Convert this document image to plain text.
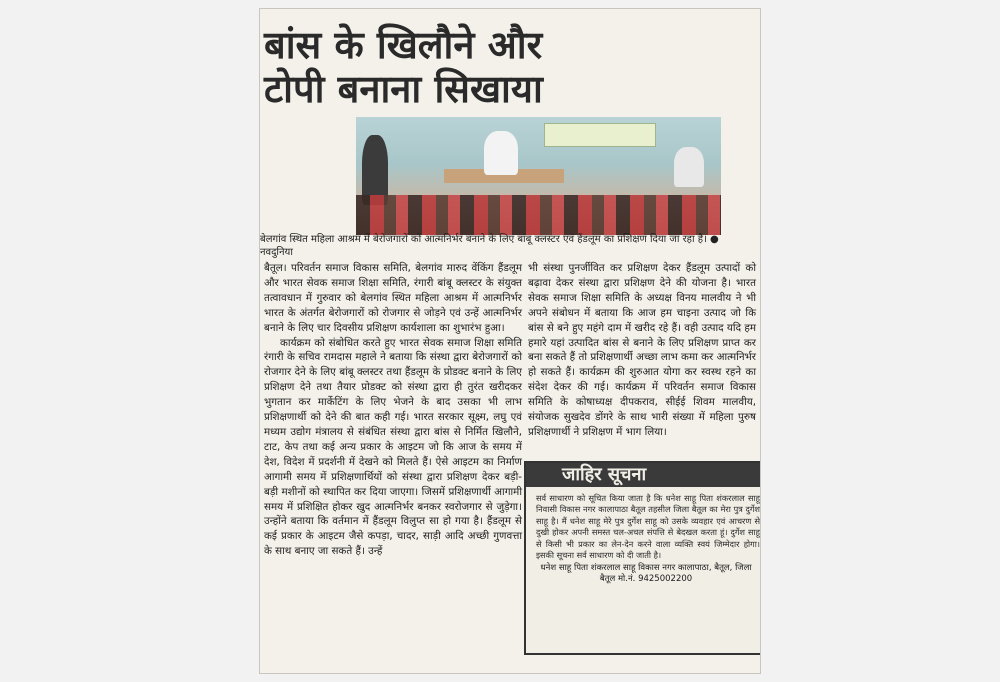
बांस के खिलौने और
टोपी बनाना सिखाया
बेलगांव स्थित महिला आश्रम में बेरोजगारों को आत्मनिर्भर बनाने के लिए बांबू क्लस्टर एवं हैंडलूम का प्रशिक्षण दिया जा रहा है। ● नवदुनिया

बैतूल। परिवर्तन समाज विकास समिति, बेलगांव मारुद वेंकिंग हैंडलूम और भारत सेवक समाज शिक्षा समिति, रंगारी बांबू क्लस्टर के संयुक्त तत्वावधान में गुरुवार को बेलगांव स्थित महिला आश्रम में आत्मनिर्भर भारत के अंतर्गत बेरोजगारों को रोजगार से जोड़ने एवं उन्हें आत्मनिर्भर बनाने के लिए चार दिवसीय प्रशिक्षण कार्यशाला का शुभारंभ हुआ।

कार्यक्रम को संबोधित करते हुए भारत सेवक समाज शिक्षा समिति रंगारी के सचिव रामदास महाले ने बताया कि संस्था द्वारा बेरोजगारों को रोजगार देने के लिए बांबू क्लस्टर तथा हैंडलूम के प्रोडक्ट बनाने के लिए प्रशिक्षण देने तथा तैयार प्रोडक्ट को संस्था द्वारा ही तुरंत खरीदकर भुगतान कर मार्केटिंग के लिए भेजने के बाद उसका भी लाभ प्रशिक्षणार्थी को देने की बात कही गई। भारत सरकार सूक्ष्म, लघु एवं मध्यम उद्योग मंत्रालय से संबंधित संस्था द्वारा बांस से निर्मित खिलौने, टाट, केप तथा कई अन्य प्रकार के आइटम जो कि आज के समय में देश, विदेश में प्रदर्शनी में देखने को मिलते हैं। ऐसे आइटम का निर्माण आगामी समय में प्रशिक्षणार्थियों को संस्था द्वारा प्रशिक्षण देकर बड़ी-बड़ी मशीनों को स्थापित कर दिया जाएगा। जिसमें प्रशिक्षणार्थी आगामी समय में प्रशिक्षित होकर खुद आत्मनिर्भर बनकर स्वरोजगार से जुड़ेगा। उन्होंने बताया कि वर्तमान में हैंडलूम विलुप्त सा हो गया है। हैंडलूम से कई प्रकार के आइटम जैसे कपड़ा, चादर, साड़ी आदि अच्छी गुणवत्ता के साथ बनाए जा सकते हैं। उन्हें

भी संस्था पुनर्जीवित कर प्रशिक्षण देकर हैंडलूम उत्पादों को बढ़ावा देकर संस्था द्वारा प्रशिक्षण देने की योजना है। भारत सेवक समाज शिक्षा समिति के अध्यक्ष विनय मालवीय ने भी अपने संबोधन में बताया कि आज हम चाइना उत्पाद जो कि बांस से बने हुए महंगे दाम में खरीद रहे हैं। वही उत्पाद यदि हम हमारे यहां उत्पादित बांस से बनाने के लिए प्रशिक्षण प्राप्त कर बना सकते हैं तो प्रशिक्षणार्थी अच्छा लाभ कमा कर आत्मनिर्भर हो सकते हैं। कार्यक्रम की शुरुआत योगा कर स्वस्थ रहने का संदेश देकर की गई। कार्यक्रम में परिवर्तन समाज विकास समिति के कोषाध्यक्ष दीपकराव, सीईई शिवम मालवीय, संयोजक सुखदेव डोंगरे के साथ भारी संख्या में महिला पुरुष प्रशिक्षणार्थी ने प्रशिक्षण में भाग लिया।

जाहिर सूचना
सर्व साधारण को सूचित किया जाता है कि धनेश साहू पिता शंकरलाल साहू निवासी विकास नगर कालापाठा बैतूल तहसील जिला बैतूल का मेरा पुत्र दुर्गेश साहू है। मैं धनेश साहू मेरे पुत्र दुर्गेश साहू को उसके व्यवहार एवं आचरण से दुखी होकर अपनी समस्त चल-अचल संपत्ति से बेदखल करता हूं। दुर्गेश साहू से किसी भी प्रकार का लेन-देन करने वाला व्यक्ति स्वयं जिम्मेदार होगा। इसकी सूचना सर्व साधारण को दी जाती है।
धनेश साहू पिता शंकरलाल साहू विकास नगर कालापाठा, बैतूल, जिला बैतूल मो.नं. 9425002200
